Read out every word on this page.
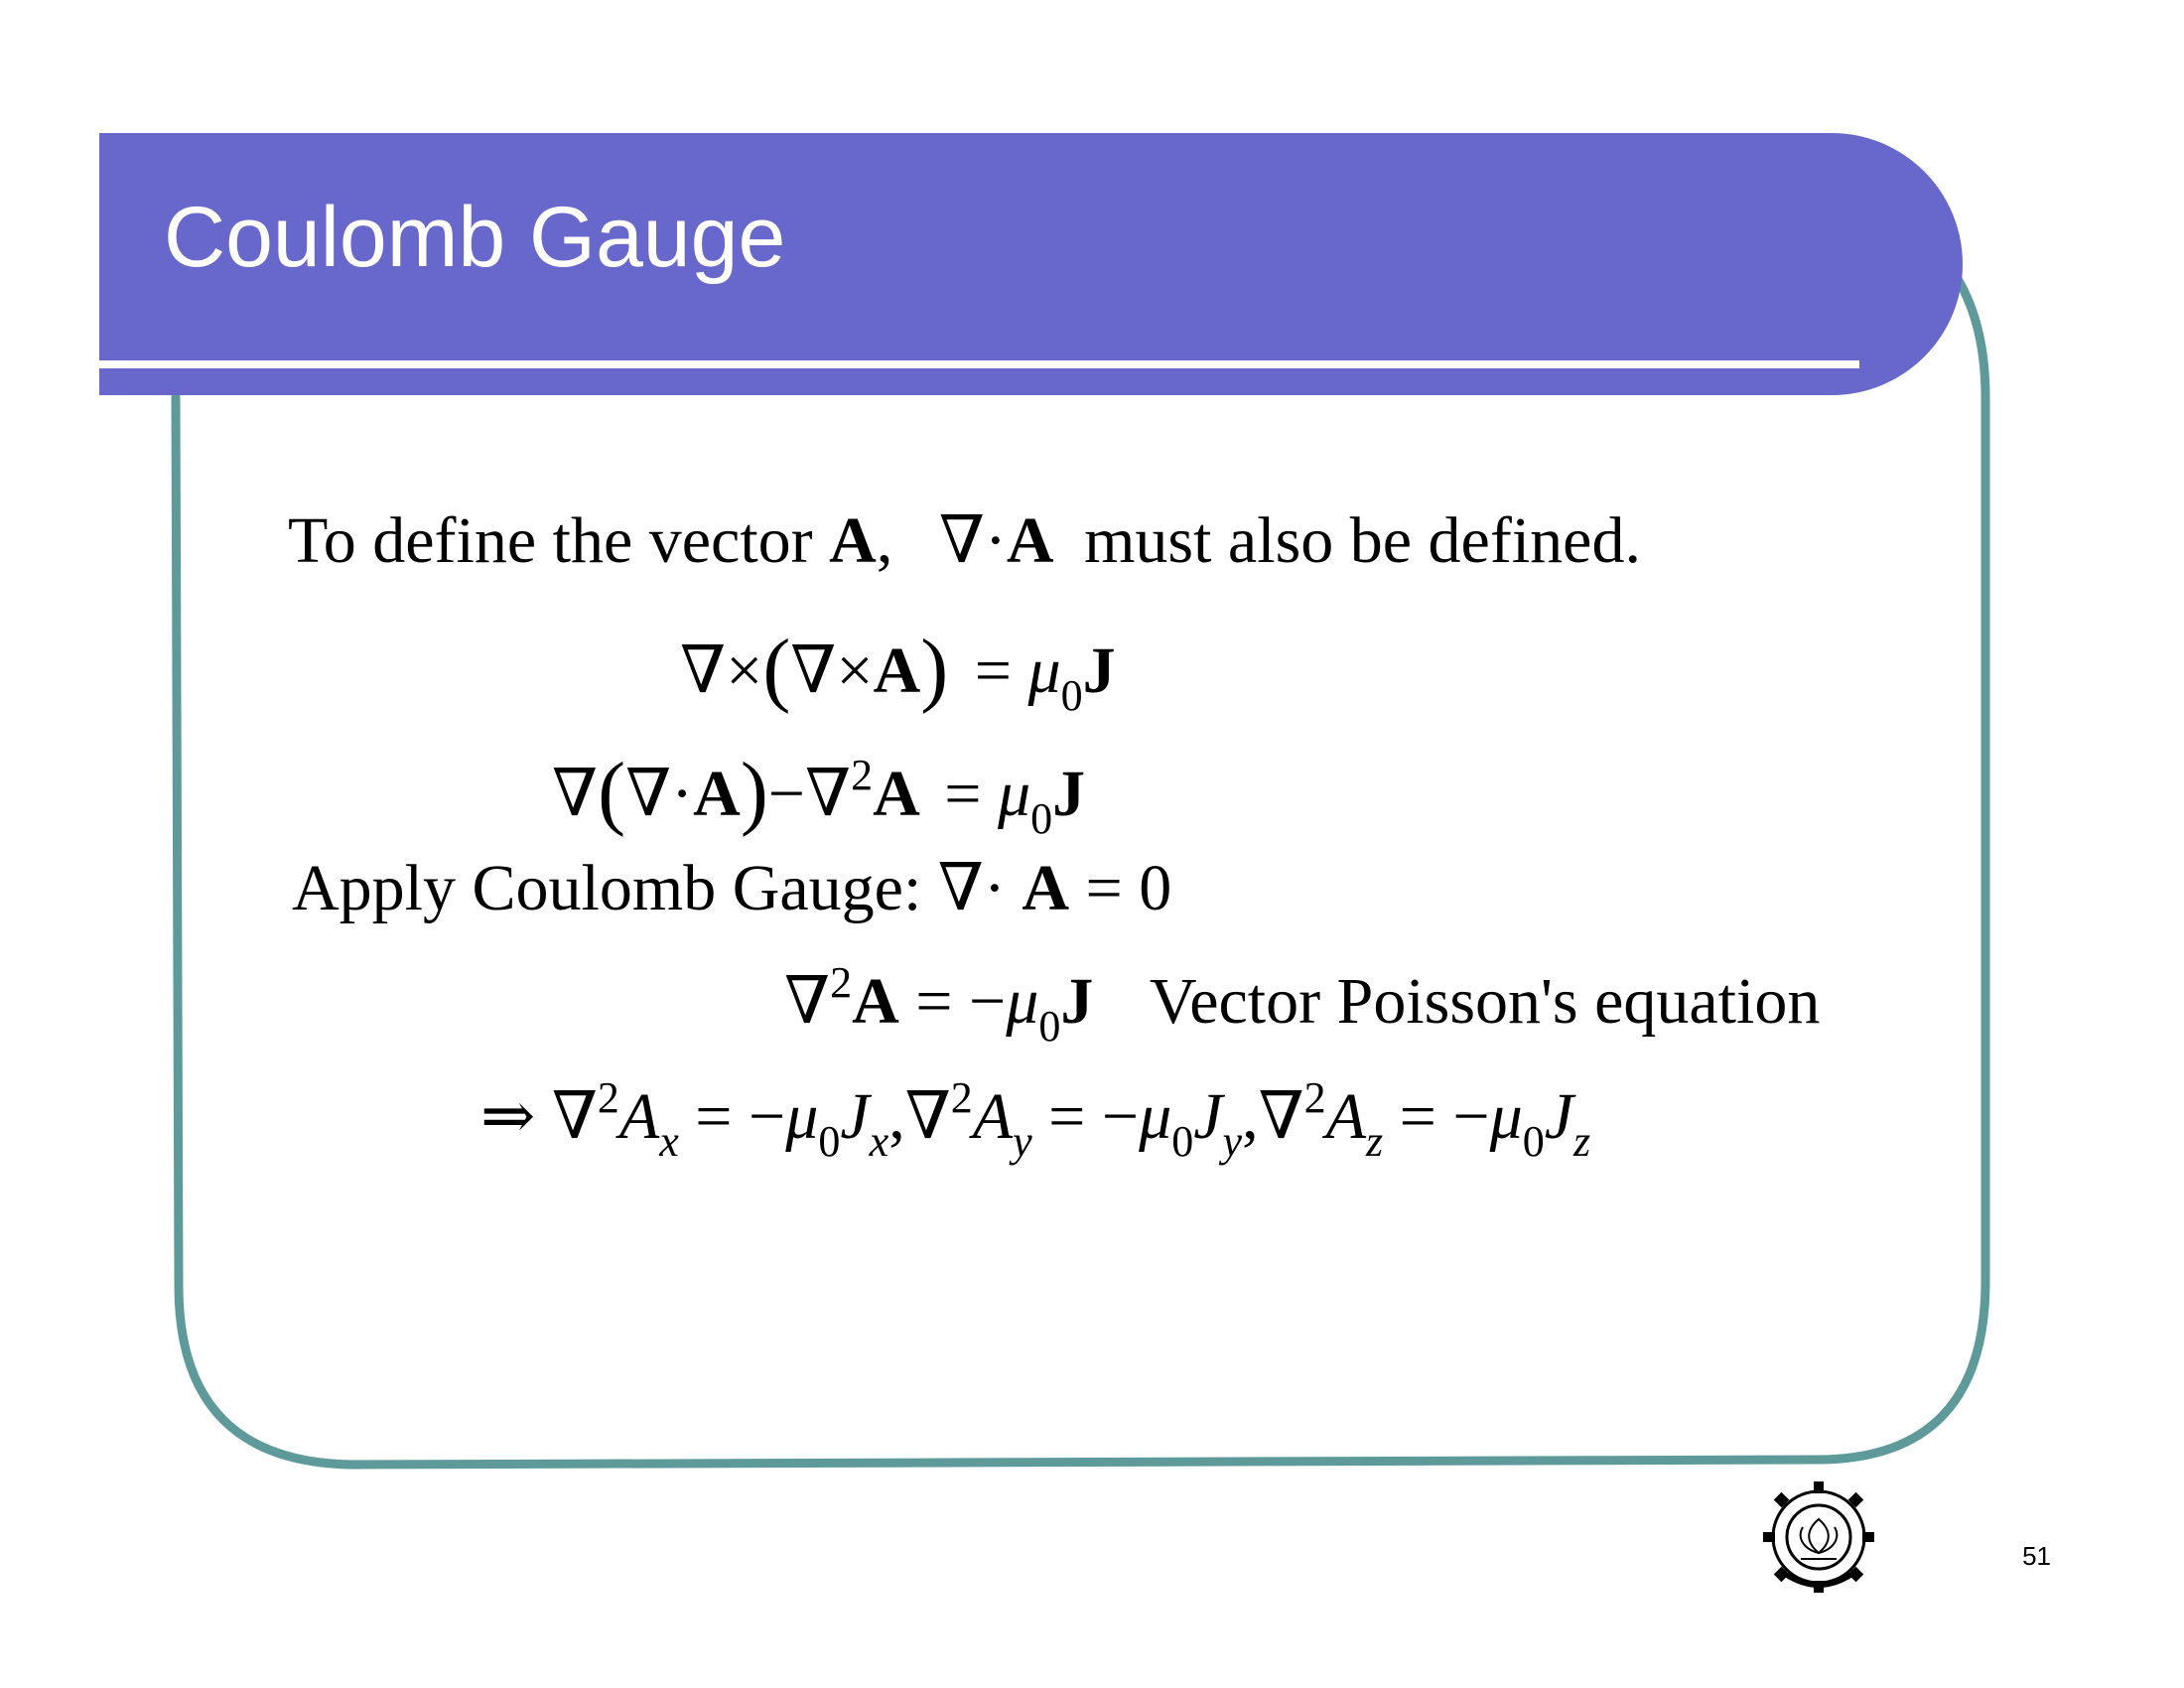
Coulomb Gauge
To define the vector A, ∇·A must also be defined.
$\nabla\times(\nabla\times A) = \mu_0J$
$\nabla(\nabla\cdot A)-\nabla^2A = \mu_0J$
Apply Coulomb Gauge: ∇· A = 0
$\nabla^2A = -\mu_0J$ Vector Poisson's equation
⇒ $\nabla^2A_x = -\mu_0J_x,\nabla^2A_y = -\mu_0J_y,\nabla^2A_z = -\mu_0J_z$
51
